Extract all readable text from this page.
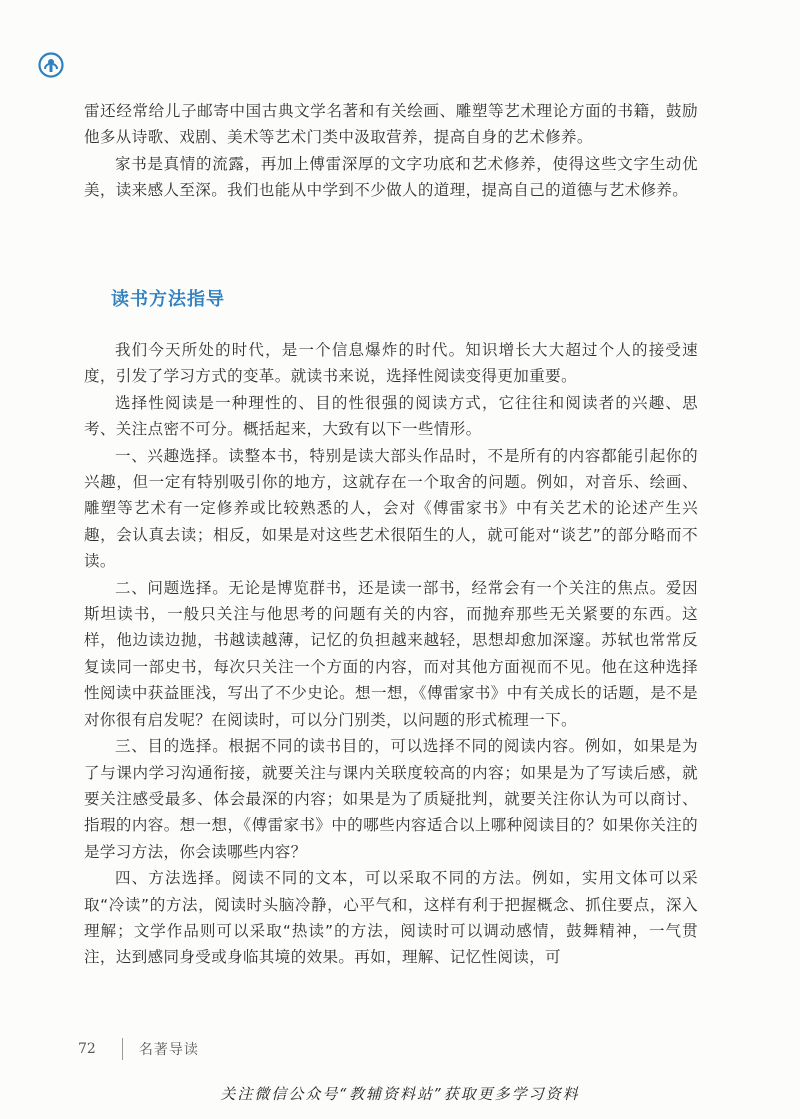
雷还经常给儿子邮寄中国古典文学名著和有关绘画、雕塑等艺术理论方面的书籍，鼓励他多从诗歌、戏剧、美术等艺术门类中汲取营养，提高自身的艺术修养。

家书是真情的流露，再加上傅雷深厚的文字功底和艺术修养，使得这些文字生动优美，读来感人至深。我们也能从中学到不少做人的道理，提高自己的道德与艺术修养。

读书方法指导

我们今天所处的时代，是一个信息爆炸的时代。知识增长大大超过个人的接受速度，引发了学习方式的变革。就读书来说，选择性阅读变得更加重要。

选择性阅读是一种理性的、目的性很强的阅读方式，它往往和阅读者的兴趣、思考、关注点密不可分。概括起来，大致有以下一些情形。

一、兴趣选择。读整本书，特别是读大部头作品时，不是所有的内容都能引起你的兴趣，但一定有特别吸引你的地方，这就存在一个取舍的问题。例如，对音乐、绘画、雕塑等艺术有一定修养或比较熟悉的人，会对《傅雷家书》中有关艺术的论述产生兴趣，会认真去读；相反，如果是对这些艺术很陌生的人，就可能对“谈艺”的部分略而不读。

二、问题选择。无论是博览群书，还是读一部书，经常会有一个关注的焦点。爱因斯坦读书，一般只关注与他思考的问题有关的内容，而抛弃那些无关紧要的东西。这样，他边读边抛，书越读越薄，记忆的负担越来越轻，思想却愈加深邃。苏轼也常常反复读同一部史书，每次只关注一个方面的内容，而对其他方面视而不见。他在这种选择性阅读中获益匪浅，写出了不少史论。想一想，《傅雷家书》中有关成长的话题，是不是对你很有启发呢？在阅读时，可以分门别类，以问题的形式梳理一下。

三、目的选择。根据不同的读书目的，可以选择不同的阅读内容。例如，如果是为了与课内学习沟通衔接，就要关注与课内关联度较高的内容；如果是为了写读后感，就要关注感受最多、体会最深的内容；如果是为了质疑批判，就要关注你认为可以商讨、指瑕的内容。想一想，《傅雷家书》中的哪些内容适合以上哪种阅读目的？如果你关注的是学习方法，你会读哪些内容？

四、方法选择。阅读不同的文本，可以采取不同的方法。例如，实用文体可以采取“冷读”的方法，阅读时头脑冷静，心平气和，这样有利于把握概念、抓住要点，深入理解；文学作品则可以采取“热读”的方法，阅读时可以调动感情，鼓舞精神，一气贯注，达到感同身受或身临其境的效果。再如，理解、记忆性阅读，可

72	名著导读
关注微信公众号“教辅资料站”获取更多学习资料
